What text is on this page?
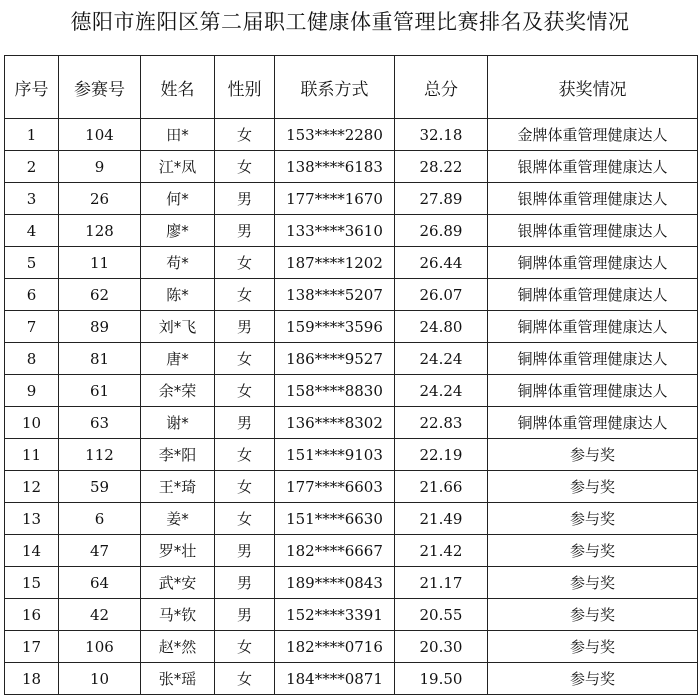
德阳市旌阳区第二届职工健康体重管理比赛排名及获奖情况
序号	参赛号	姓名	性别	联系方式	总分	获奖情况
1	104	田*	女	153****2280	32.18	金牌体重管理健康达人
2	9	江*凤	女	138****6183	28.22	银牌体重管理健康达人
3	26	何*	男	177****1670	27.89	银牌体重管理健康达人
4	128	廖*	男	133****3610	26.89	银牌体重管理健康达人
5	11	苟*	女	187****1202	26.44	铜牌体重管理健康达人
6	62	陈*	女	138****5207	26.07	铜牌体重管理健康达人
7	89	刘*飞	男	159****3596	24.80	铜牌体重管理健康达人
8	81	唐*	女	186****9527	24.24	铜牌体重管理健康达人
9	61	余*荣	女	158****8830	24.24	铜牌体重管理健康达人
10	63	谢*	男	136****8302	22.83	铜牌体重管理健康达人
11	112	李*阳	女	151****9103	22.19	参与奖
12	59	王*琦	女	177****6603	21.66	参与奖
13	6	姜*	女	151****6630	21.49	参与奖
14	47	罗*壮	男	182****6667	21.42	参与奖
15	64	武*安	男	189****0843	21.17	参与奖
16	42	马*钦	男	152****3391	20.55	参与奖
17	106	赵*然	女	182****0716	20.30	参与奖
18	10	张*瑶	女	184****0871	19.50	参与奖
